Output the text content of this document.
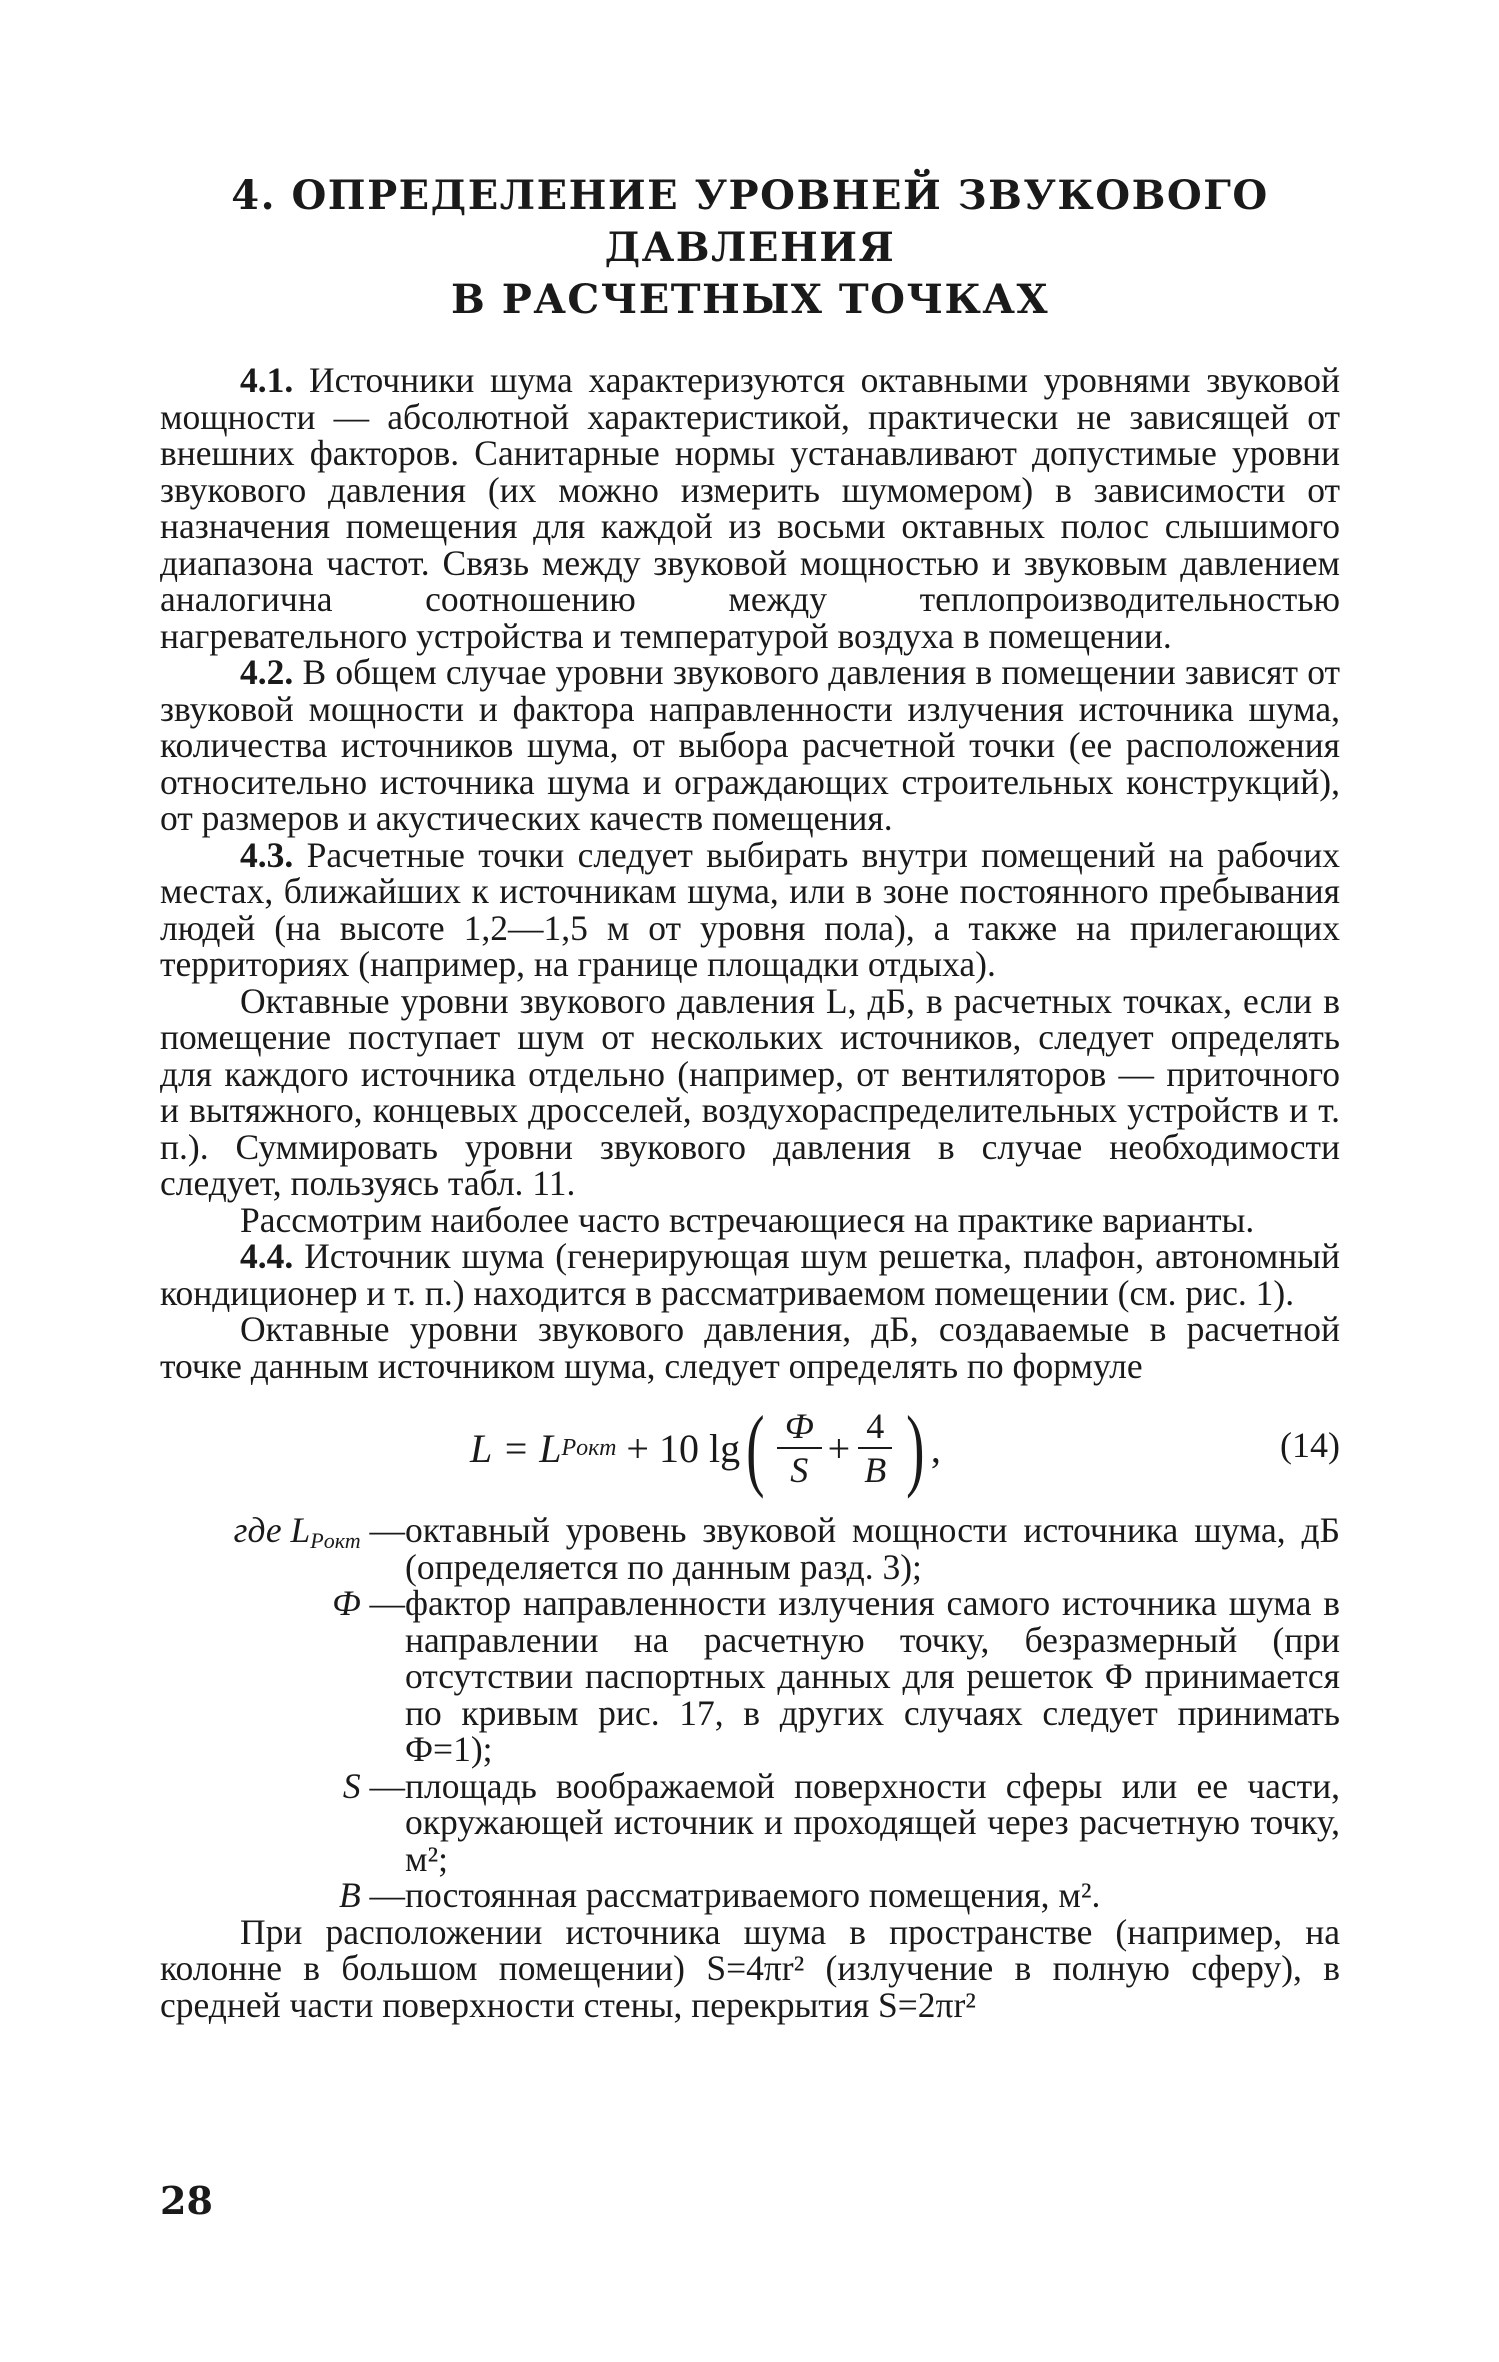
4. ОПРЕДЕЛЕНИЕ УРОВНЕЙ ЗВУКОВОГО ДАВЛЕНИЯ
В РАСЧЕТНЫХ ТОЧКАХ

4.1. Источники шума характеризуются октавными уровнями звуковой мощности — абсолютной характеристикой, практически не зависящей от внешних факторов. Санитарные нормы устанавливают допустимые уровни звукового давления (их можно измерить шумомером) в зависимости от назначения помещения для каждой из восьми октавных полос слышимого диапазона частот. Связь между звуковой мощностью и звуковым давлением аналогична соотношению между теплопроизводительностью нагревательного устройства и температурой воздуха в помещении.

4.2. В общем случае уровни звукового давления в помещении зависят от звуковой мощности и фактора направленности излучения источника шума, количества источников шума, от выбора расчетной точки (ее расположения относительно источника шума и ограждающих строительных конструкций), от размеров и акустических качеств помещения.

4.3. Расчетные точки следует выбирать внутри помещений на рабочих местах, ближайших к источникам шума, или в зоне постоянного пребывания людей (на высоте 1,2—1,5 м от уровня пола), а также на прилегающих территориях (например, на границе площадки отдыха).

Октавные уровни звукового давления L, дБ, в расчетных точках, если в помещение поступает шум от нескольких источников, следует определять для каждого источника отдельно (например, от вентиляторов — приточного и вытяжного, концевых дросселей, воздухораспределительных устройств и т. п.). Суммировать уровни звукового давления в случае необходимости следует, пользуясь табл. 11.

Рассмотрим наиболее часто встречающиеся на практике варианты.

4.4. Источник шума (генерирующая шум решетка, плафон, автономный кондиционер и т. п.) находится в рассматриваемом помещении (см. рис. 1).

Октавные уровни звукового давления, дБ, создаваемые в расчетной точке данным источником шума, следует определять по формуле

L
= L Pокт
+ 10 lg ( $\frac{Ф}{S} + \frac{4}{B}$ ) ,	(14)
где $L_{Pокт}$ — октавный уровень звуковой мощности источника шума, дБ (определяется по данным разд. 3);
Ф — фактор направленности излучения самого источника шума в направлении на расчетную точку, безразмерный (при отсутствии паспортных данных для решеток Ф принимается по кривым рис. 17, в других случаях следует принимать Ф=1);
S — площадь воображаемой поверхности сферы или ее части, окружающей источник и проходящей через расчетную точку, м²;
B — постоянная рассматриваемого помещения, м².

При расположении источника шума в пространстве (например, на колонне в большом помещении) S=4πr² (излучение в полную сферу), в средней части поверхности стены, перекрытия S=2πr²

28
